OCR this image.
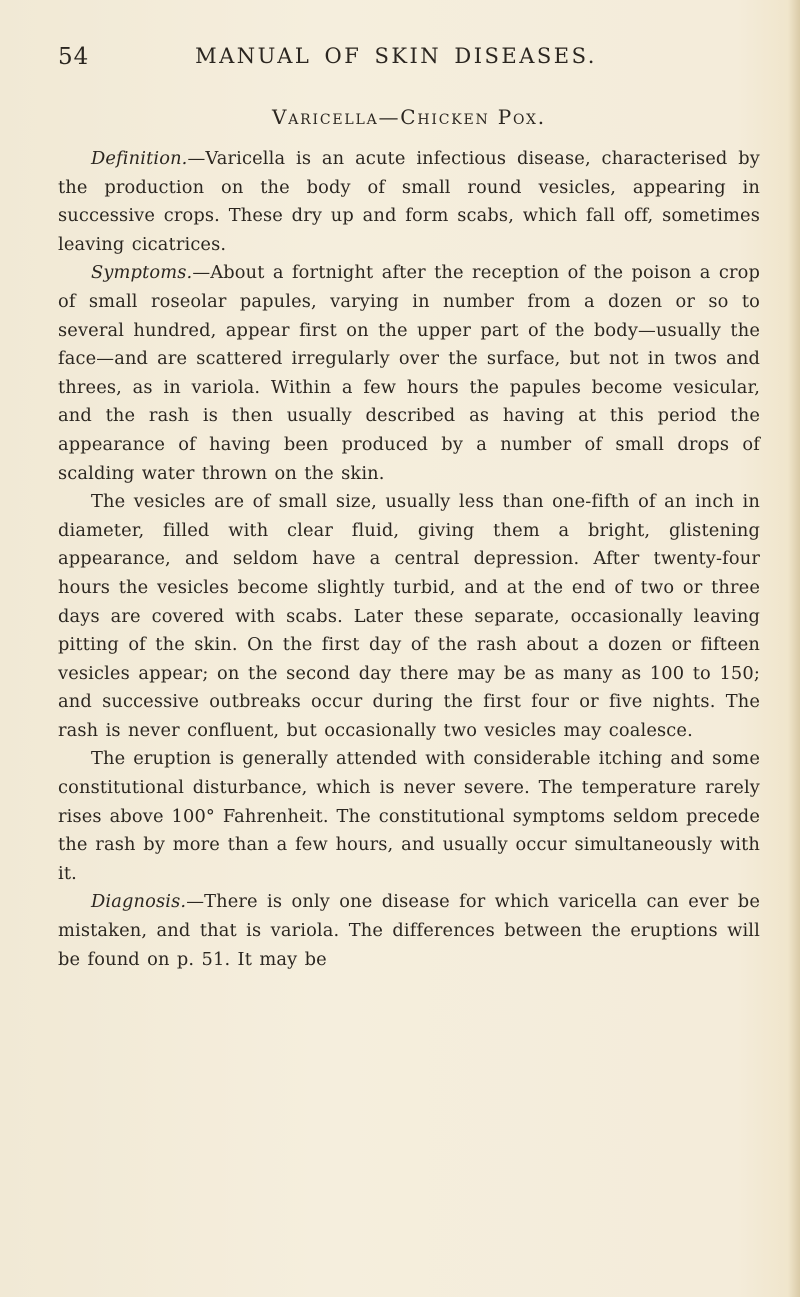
54	MANUAL OF SKIN DISEASES.
Varicella—Chicken Pox.

Definition.—Varicella is an acute infectious disease, characterised by the production on the body of small round vesicles, appearing in successive crops. These dry up and form scabs, which fall off, sometimes leaving cicatrices.

Symptoms.—About a fortnight after the reception of the poison a crop of small roseolar papules, varying in number from a dozen or so to several hundred, appear first on the upper part of the body—usually the face—and are scattered irregularly over the surface, but not in twos and threes, as in variola. Within a few hours the papules become vesicular, and the rash is then usually described as having at this period the appearance of having been produced by a number of small drops of scalding water thrown on the skin.

The vesicles are of small size, usually less than one-fifth of an inch in diameter, filled with clear fluid, giving them a bright, glistening appearance, and seldom have a central depression. After twenty-four hours the vesicles become slightly turbid, and at the end of two or three days are covered with scabs. Later these separate, occasionally leaving pitting of the skin. On the first day of the rash about a dozen or fifteen vesicles appear; on the second day there may be as many as 100 to 150; and successive outbreaks occur during the first four or five nights. The rash is never confluent, but occasionally two vesicles may coalesce.

The eruption is generally attended with considerable itching and some constitutional disturbance, which is never severe. The temperature rarely rises above 100° Fahrenheit. The constitutional symptoms seldom precede the rash by more than a few hours, and usually occur simultaneously with it.

Diagnosis.—There is only one disease for which varicella can ever be mistaken, and that is variola. The differences between the eruptions will be found on p. 51. It may be
